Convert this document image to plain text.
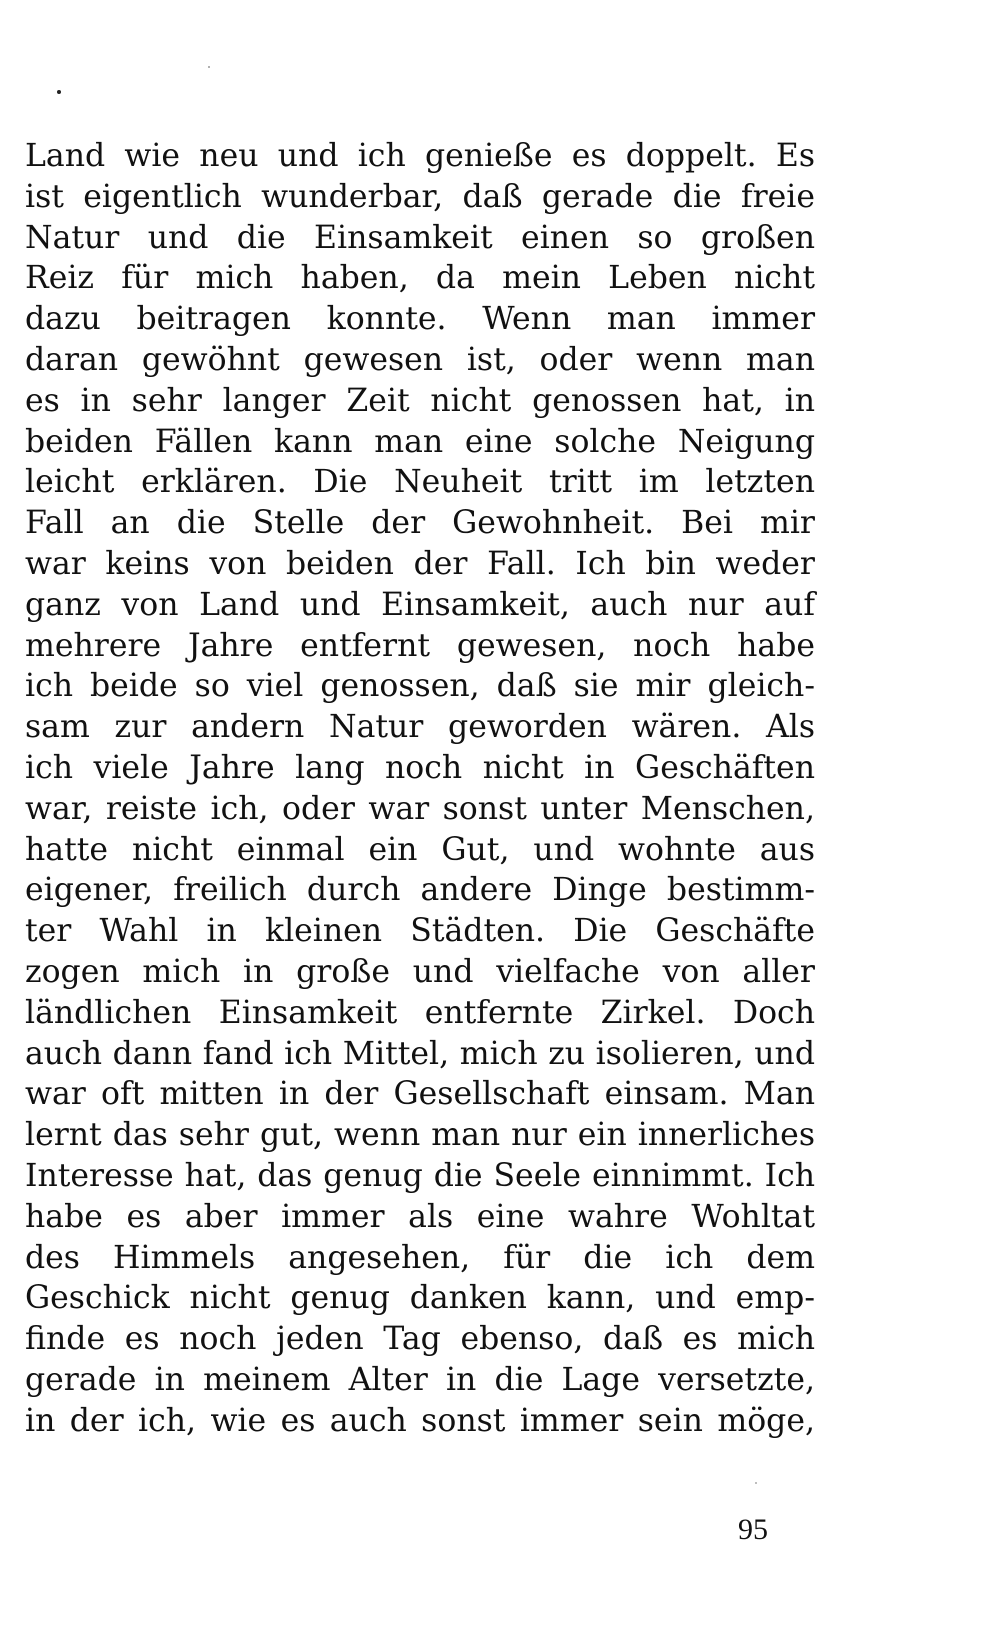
Land wie neu und ich genieße es doppelt. Es
ist eigentlich wunderbar, daß gerade die freie
Natur und die Einsamkeit einen so großen
Reiz für mich haben, da mein Leben nicht
dazu beitragen konnte. Wenn man immer
daran gewöhnt gewesen ist, oder wenn man
es in sehr langer Zeit nicht genossen hat, in
beiden Fällen kann man eine solche Neigung
leicht erklären. Die Neuheit tritt im letzten
Fall an die Stelle der Gewohnheit. Bei mir
war keins von beiden der Fall. Ich bin weder
ganz von Land und Einsamkeit, auch nur auf
mehrere Jahre entfernt gewesen, noch habe
ich beide so viel genossen, daß sie mir gleich-
sam zur andern Natur geworden wären. Als
ich viele Jahre lang noch nicht in Geschäften
war, reiste ich, oder war sonst unter Menschen,
hatte nicht einmal ein Gut, und wohnte aus
eigener, freilich durch andere Dinge bestimm-
ter Wahl in kleinen Städten. Die Geschäfte
zogen mich in große und vielfache von aller
ländlichen Einsamkeit entfernte Zirkel. Doch
auch dann fand ich Mittel, mich zu isolieren, und
war oft mitten in der Gesellschaft einsam. Man
lernt das sehr gut, wenn man nur ein innerliches
Interesse hat, das genug die Seele einnimmt. Ich
habe es aber immer als eine wahre Wohltat
des Himmels angesehen, für die ich dem
Geschick nicht genug danken kann, und emp-
finde es noch jeden Tag ebenso, daß es mich
gerade in meinem Alter in die Lage versetzte,
in der ich, wie es auch sonst immer sein möge,
95
